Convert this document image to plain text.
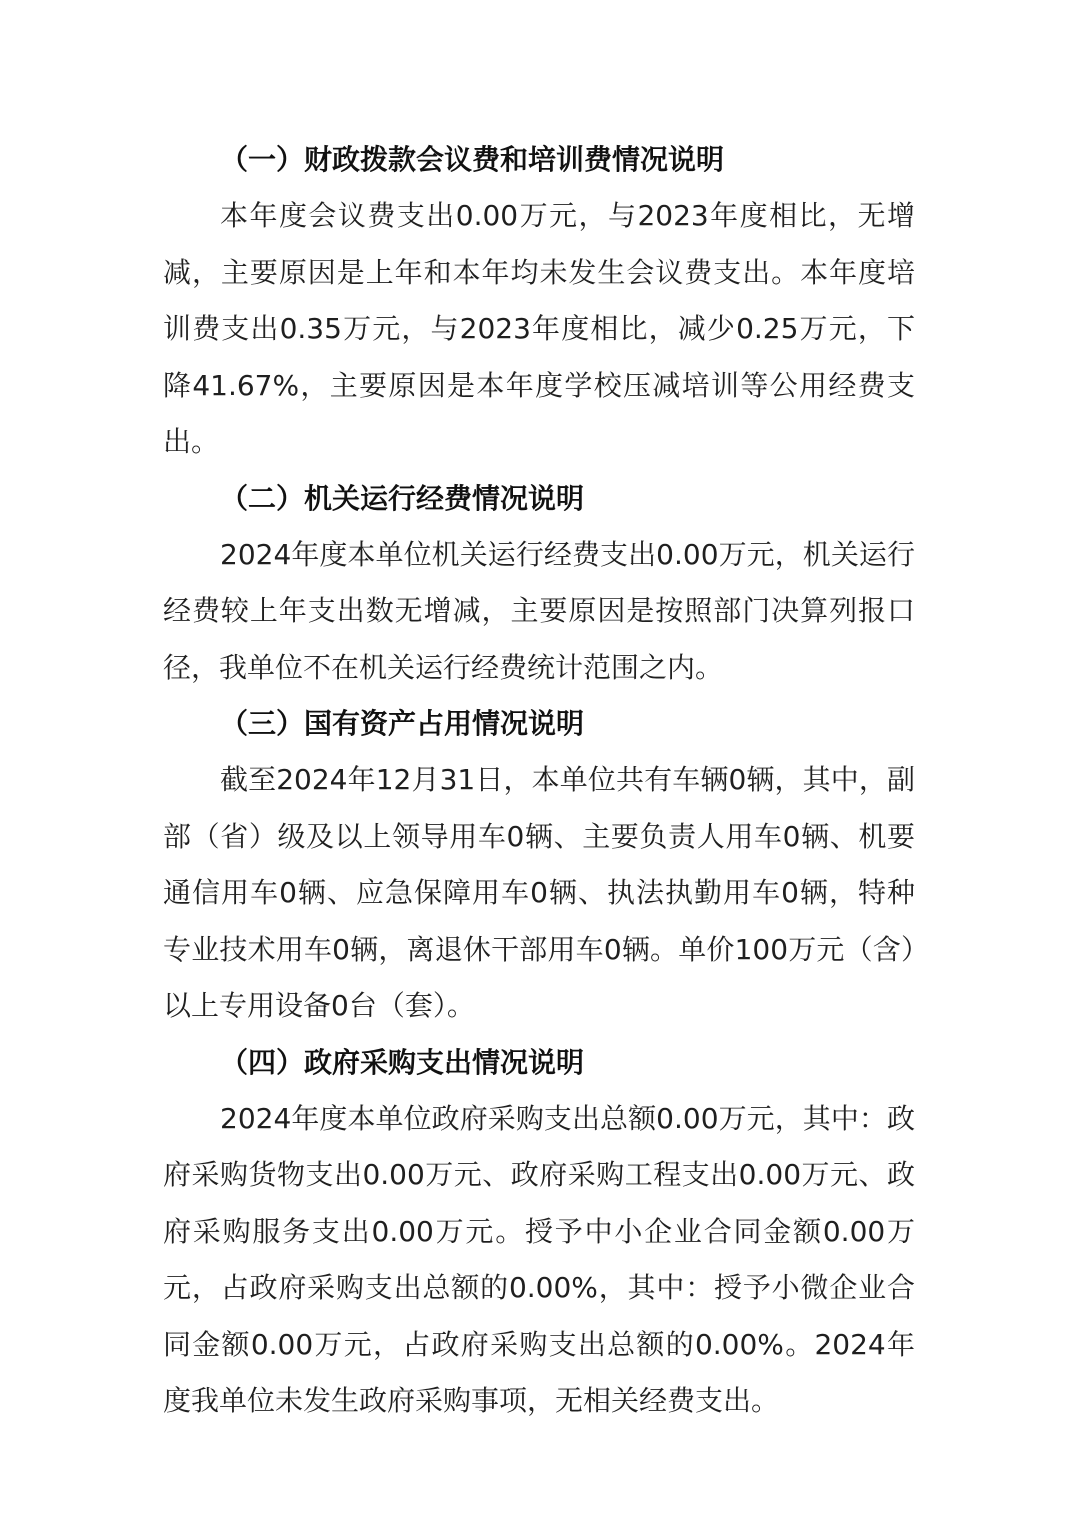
（一）财政拨款会议费和培训费情况说明

本年度会议费支出0.00万元，与2023年度相比，无增减，主要原因是上年和本年均未发生会议费支出。本年度培训费支出0.35万元，与2023年度相比，减少0.25万元，下降41.67%，主要原因是本年度学校压减培训等公用经费支出。

（二）机关运行经费情况说明

2024年度本单位机关运行经费支出0.00万元，机关运行经费较上年支出数无增减，主要原因是按照部门决算列报口径，我单位不在机关运行经费统计范围之内。

（三）国有资产占用情况说明

截至2024年12月31日，本单位共有车辆0辆，其中，副部（省）级及以上领导用车0辆、主要负责人用车0辆、机要通信用车0辆、应急保障用车0辆、执法执勤用车0辆，特种专业技术用车0辆，离退休干部用车0辆。单价100万元（含）以上专用设备0台（套）。

（四）政府采购支出情况说明

2024年度本单位政府采购支出总额0.00万元，其中：政府采购货物支出0.00万元、政府采购工程支出0.00万元、政府采购服务支出0.00万元。授予中小企业合同金额0.00万元，占政府采购支出总额的0.00%，其中：授予小微企业合同金额0.00万元，占政府采购支出总额的0.00%。2024年度我单位未发生政府采购事项，无相关经费支出。
